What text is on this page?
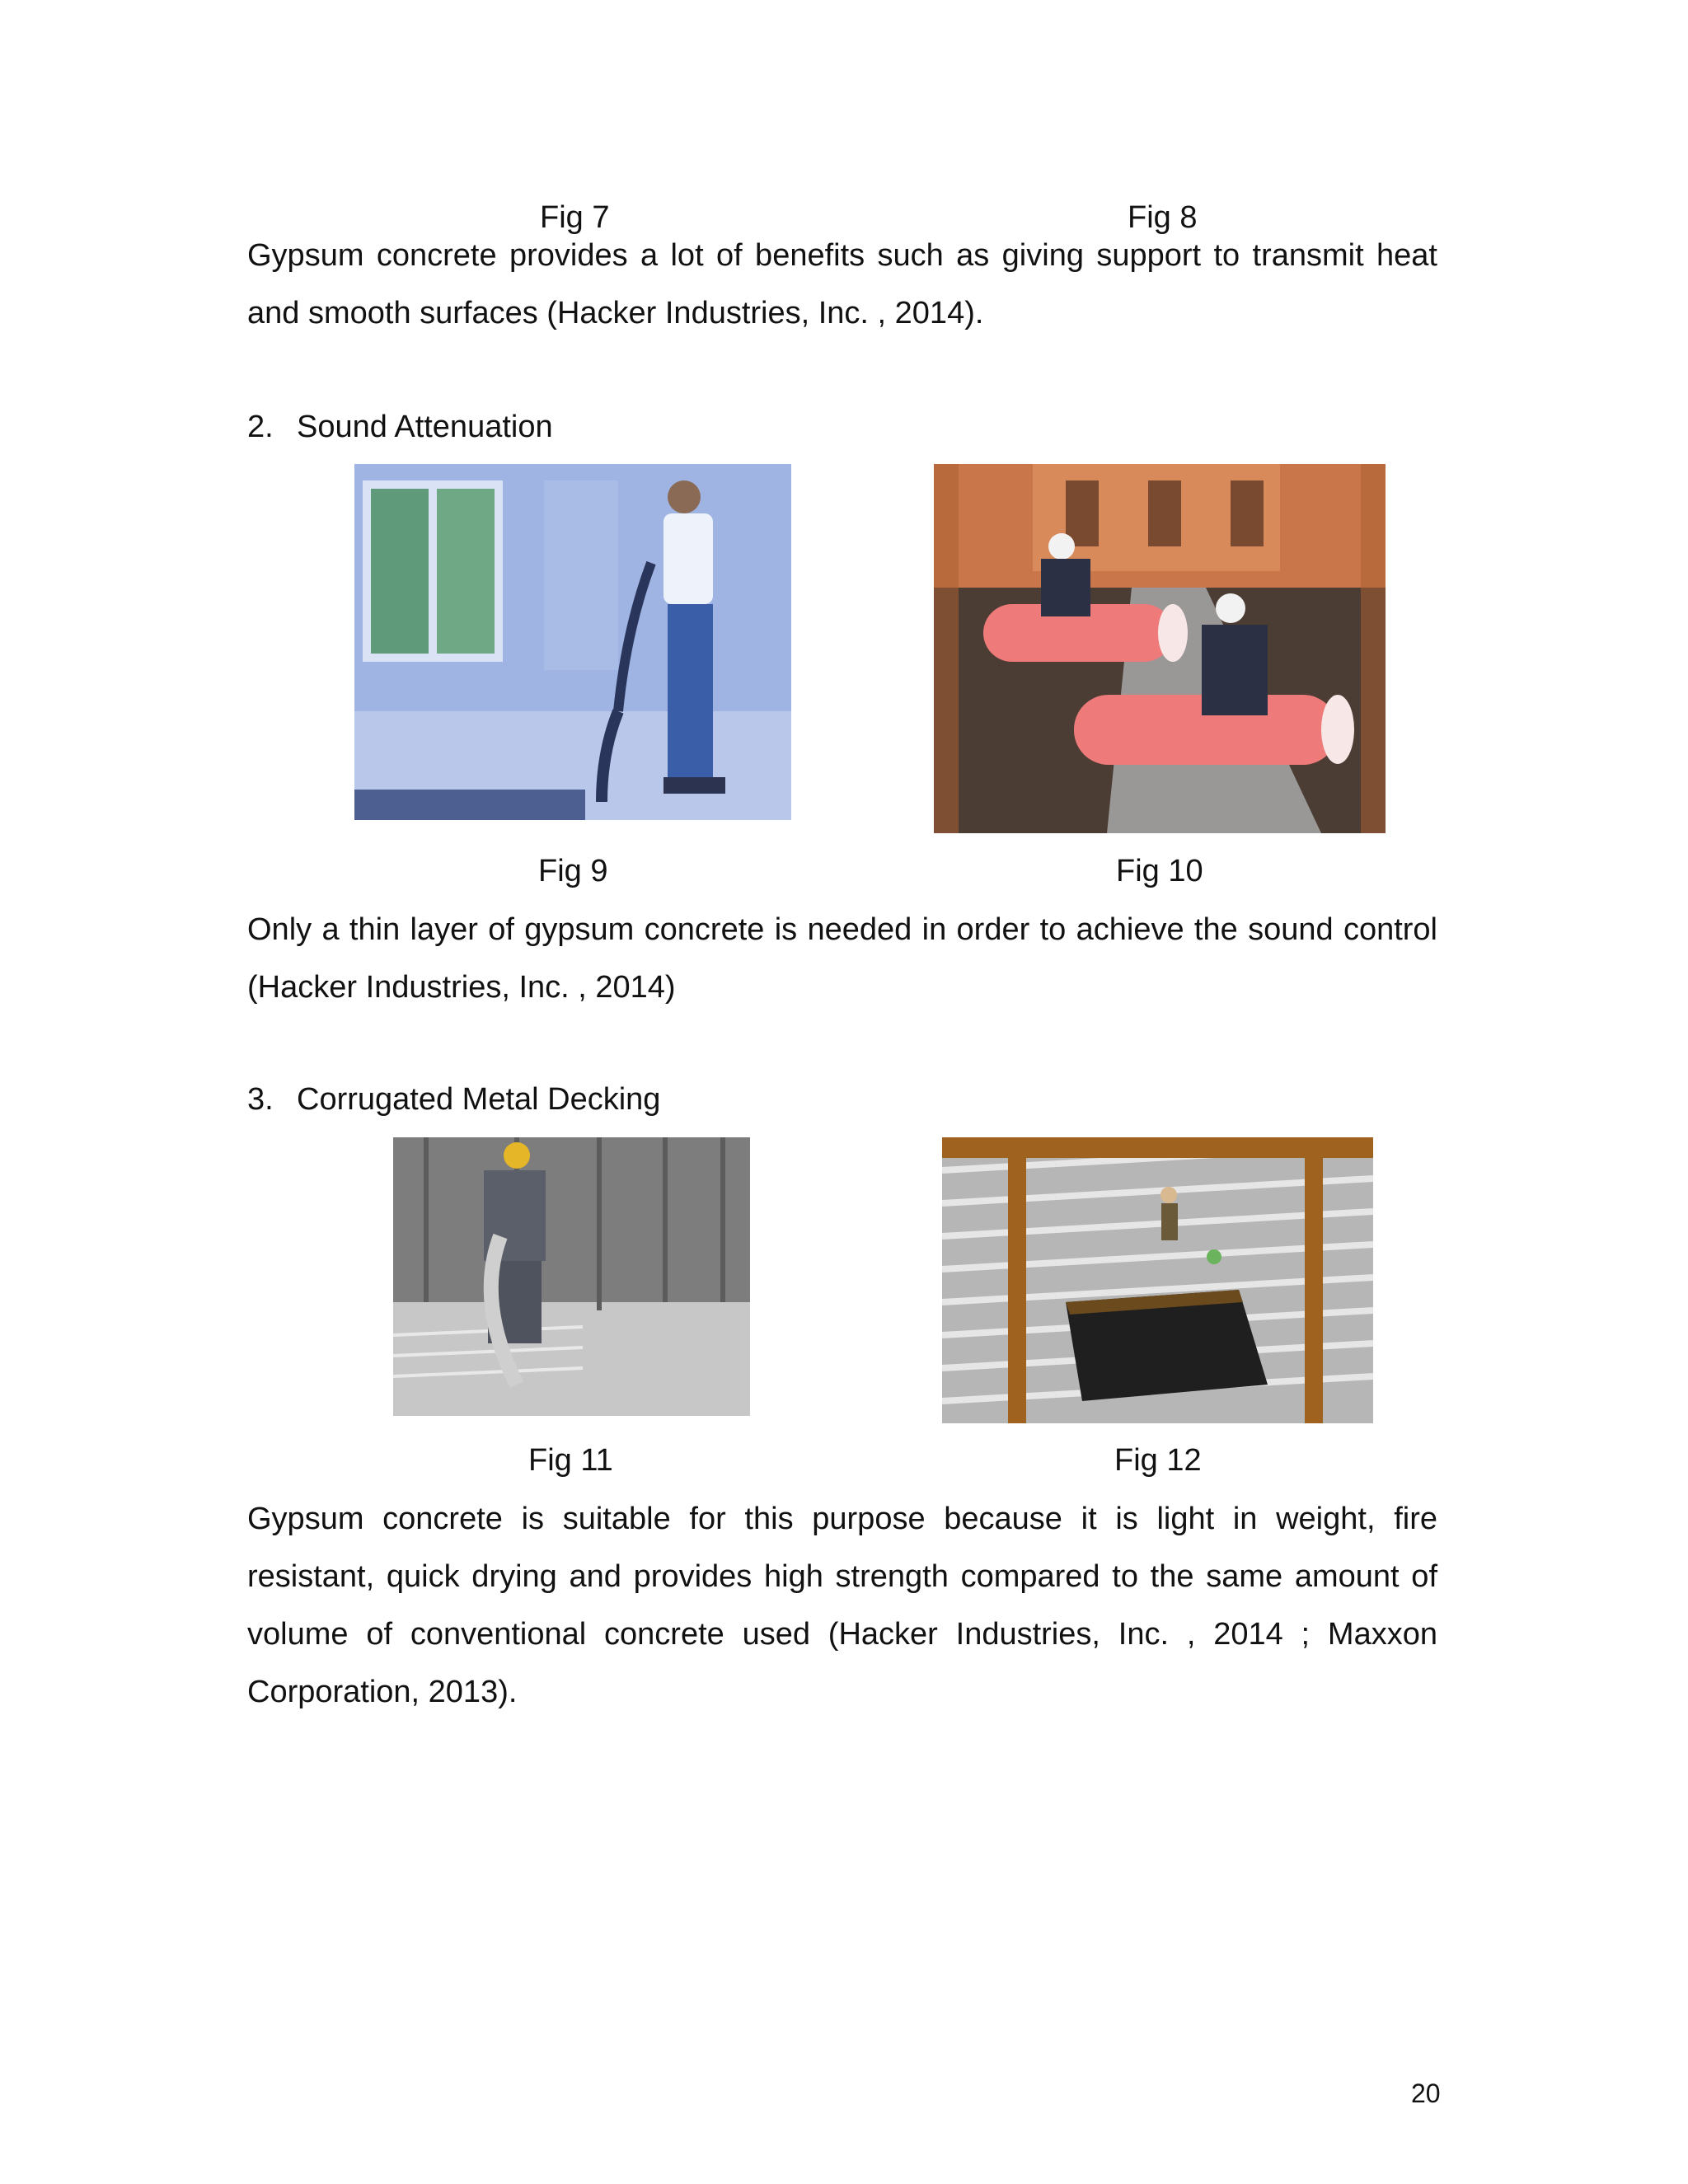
Fig 7	Fig 8
Gypsum concrete provides a lot of benefits such as giving support to transmit heat and smooth surfaces (Hacker Industries, Inc. , 2014).
2. Sound Attenuation
Fig 9	Fig 10
Only a thin layer of gypsum concrete is needed in order to achieve the sound control (Hacker Industries, Inc. , 2014)
3. Corrugated Metal Decking
Fig 11	Fig 12
Gypsum concrete is suitable for this purpose because it is light in weight, fire resistant, quick drying and provides high strength compared to the same amount of volume of conventional concrete used (Hacker Industries, Inc. , 2014 ; Maxxon Corporation, 2013).
20
